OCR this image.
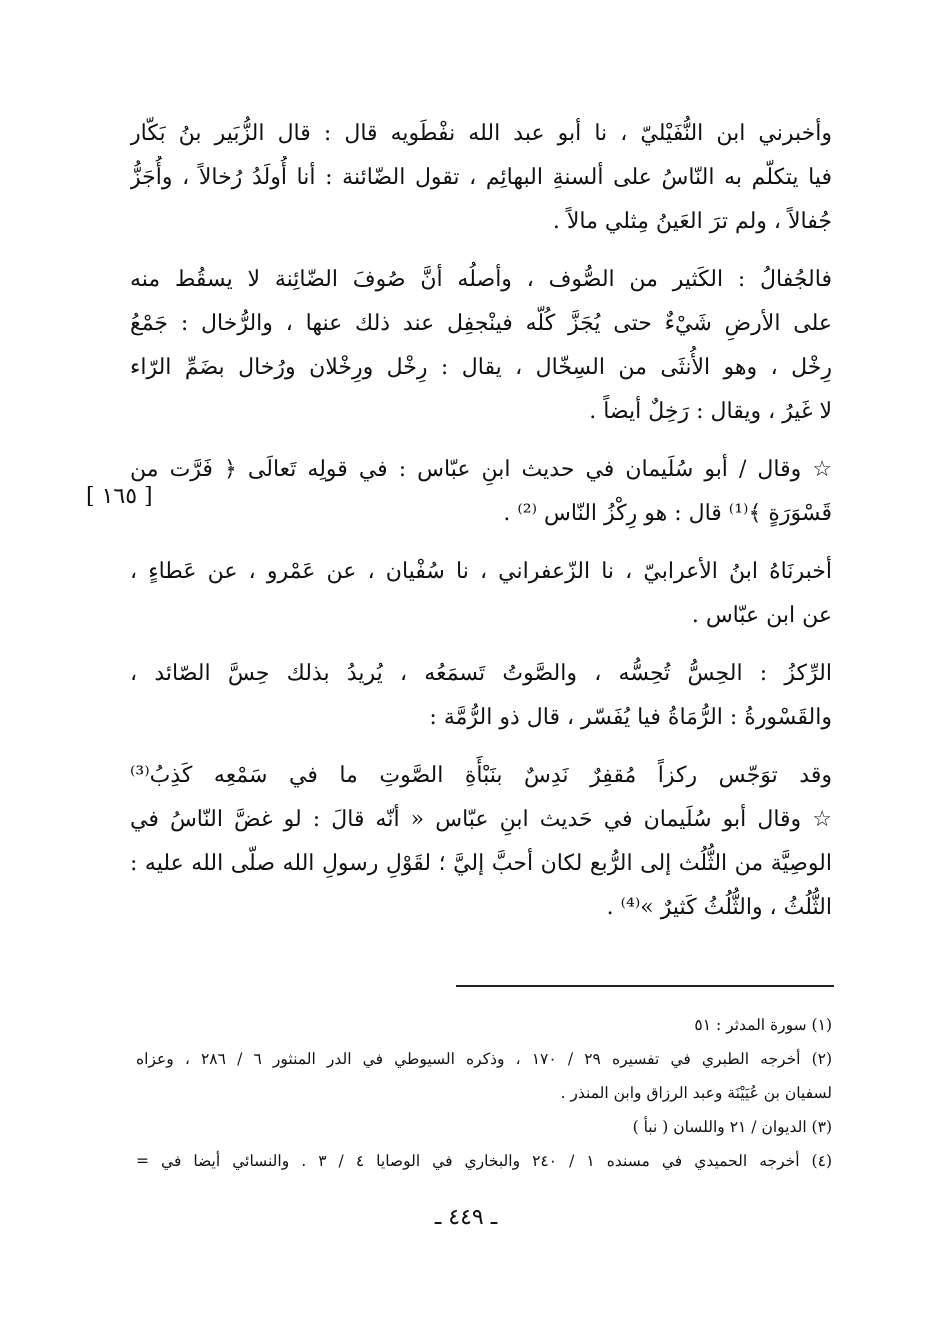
وأخبرني ابن النُّفَيْليّ ، نا أبو عبد الله نفْطَويه قال : قال الزُّبَير بنُ بَكّار
فيا يتكلّم به النّاسُ على ألسنةِ البهائِم ، تقول الضّائنة : أنا أُولَدُ رُخالاً ، وأُجَزُّ
جُفالاً ، ولم ترَ العَينُ مِثلي مالاً .
فالجُفالُ : الكَثير من الصُّوف ، وأصلُه أنَّ صُوفَ الضّائِنة لا يسقُط منه
على الأرضِ شَيْءٌ حتى يُجَزَّ كُلّه فينْجفِل عند ذلك عنها ، والرُّخال : جَمْعُ
رِخْل ، وهو الأُنثَى من السِخّال ، يقال : رِخْل ورِخْلان ورُخال بضَمِّ الرّاء
لا غَيرُ ، ويقال : رَخِلٌ أيضاً .
☆ وقال / أبو سُلَيمان في حديث ابنِ عبّاس : في قولِه تَعالَى ﴿ فَرَّت من
قَسْوَرَةٍ ﴾⁽¹⁾ قال : هو رِكْزُ النّاس ⁽²⁾ .
أخبرنَاهُ ابنُ الأعرابيّ ، نا الزّعفراني ، نا سُفْيان ، عن عَمْرو ، عن عَطاءٍ ،
عن ابن عبّاس .
الرِّكزُ : الحِسُّ تُحِسُّه ، والصَّوتُ تَسمَعُه ، يُريدُ بذلك حِسَّ الصّائد ،
والقَسْورةُ : الرُّمَاةُ فيا يُفَسّر ، قال ذو الرُّمَّة :
وقد توَجّس ركزاً مُقفِرٌ نَدِسٌ بنَبْأَةِ الصَّوتِ ما في سَمْعِه كَذِبُ⁽³⁾
☆ وقال أبو سُلَيمان في حَديث ابنِ عبّاس « أنّه قالَ : لو غضَّ النّاسُ في
الوصِيَّة من الثُّلُث إلى الرُّبع لكان أحبَّ إليَّ ؛ لقَوْلِ رسولِ الله صلّى الله عليه :
الثُّلُثُ ، والثُّلُثُ كَثيرٌ »⁽⁴⁾ .
[ ١٦٥ ]
(١) سورة المدثر : ٥١
(٢) أخرجه الطبري في تفسيره ٢٩ / ١٧٠ ، وذكره السيوطي في الدر المنثور ٦ / ٢٨٦ ، وعزاه
لسفيان بن عُيَيْنَة وعبد الرزاق وابن المنذر .
(٣) الديوان / ٢١ واللسان ( نبأ )
(٤) أخرجه الحميدي في مسنده ١ / ٢٤٠ والبخاري في الوصايا ٤ / ٣ . والنسائي أيضا في =
ـ ٤٤٩ ـ
